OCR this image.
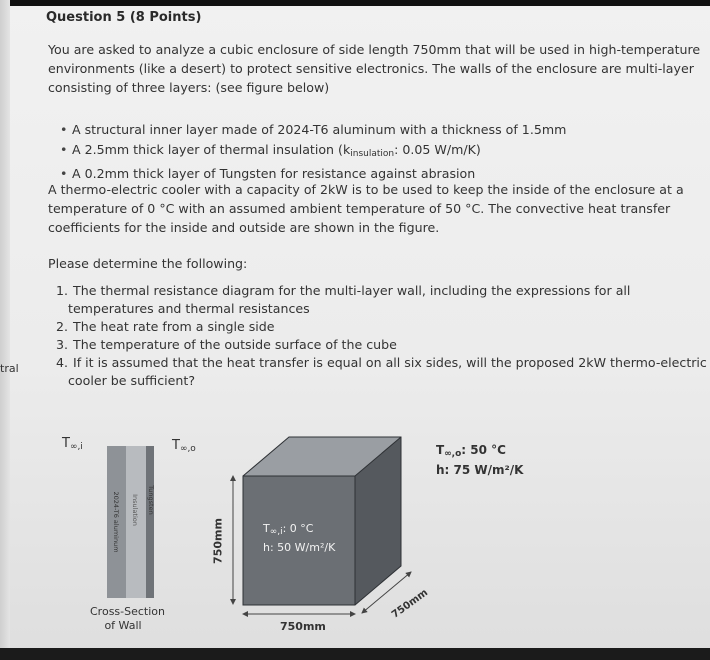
tral
Question 5 (8 Points)
You are asked to analyze a cubic enclosure of side length 750mm that will be used in high-temperature
environments (like a desert) to protect sensitive electronics. The walls of the enclosure are multi-layer
consisting of three layers: (see figure below)
• A structural inner layer made of 2024-T6 aluminum with a thickness of 1.5mm
• A 2.5mm thick layer of thermal insulation ($k_{insulation}$: 0.05 W/m/K)
• A 0.2mm thick layer of Tungsten for resistance against abrasion
A thermo-electric cooler with a capacity of 2kW is to be used to keep the inside of the enclosure at a
temperature of 0 °C with an assumed ambient temperature of 50 °C. The convective heat transfer
coefficients for the inside and outside are shown in the figure.
Please determine the following:
1. The thermal resistance diagram for the multi-layer wall, including the expressions for all
temperatures and thermal resistances
2. The heat rate from a single side
3. The temperature of the outside surface of the cube
4. If it is assumed that the heat transfer is equal on all six sides, will the proposed 2kW thermo-electric
cooler be sufficient?
$T_{\infty,i}$	$T_{\infty,o}$
2024-T6 aluminum Insulation Tungsten
Cross-Section
of Wall
750mm
750mm
750mm
$T_{\infty,i}$: 0 °C
h: 50 W/m²/K
$T_{\infty,o}$: 50 °C
h: 75 W/m²/K
